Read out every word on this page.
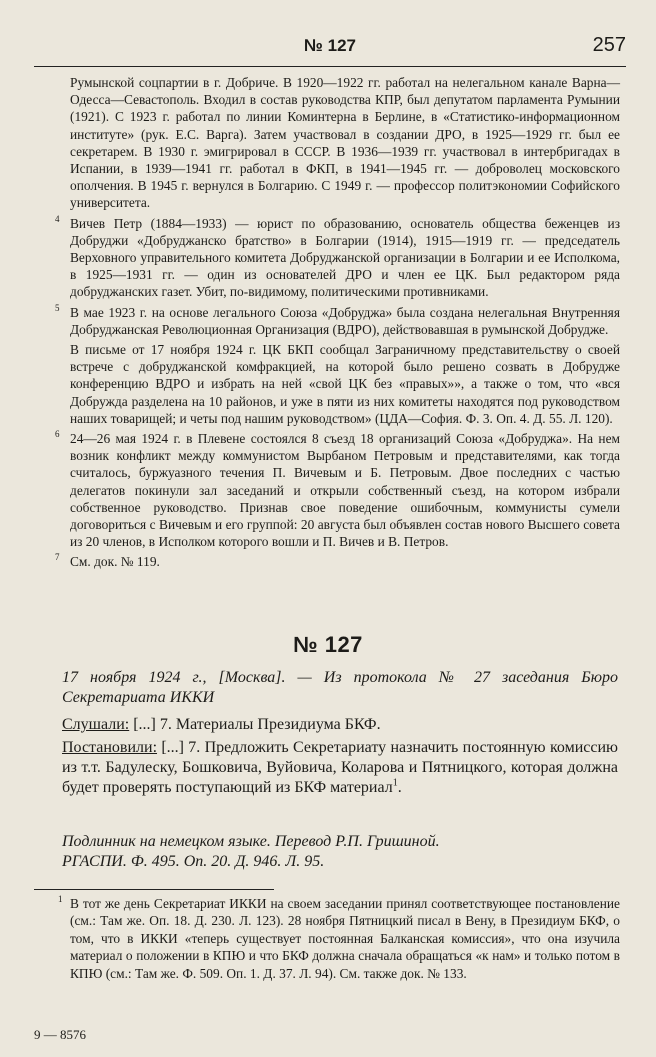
№ 127	257

Румынской соцпартии в г. Добриче. В 1920—1922 гг. работал на нелегальном канале Варна—Одесса—Севастополь. Входил в состав руководства КПР, был депутатом парламента Румынии (1921). С 1923 г. работал по линии Коминтерна в Берлине, в «Статистико-информационном институте» (рук. Е.С. Варга). Затем участвовал в создании ДРО, в 1925—1929 гг. был ее секретарем. В 1930 г. эмигрировал в СССР. В 1936—1939 гг. участвовал в интербригадах в Испании, в 1939—1941 гг. работал в ФКП, в 1941—1945 гг. — доброволец московского ополчения. В 1945 г. вернулся в Болгарию. С 1949 г. — профессор политэкономии Софийского университета.

4 Вичев Петр (1884—1933) — юрист по образованию, основатель общества беженцев из Добруджи «Добруджанско братство» в Болгарии (1914), 1915—1919 гг. — председатель Верховного управительного комитета Добруджанской организации в Болгарии и ее Исполкома, в 1925—1931 гг. — один из основателей ДРО и член ее ЦК. Был редактором ряда добруджанских газет. Убит, по-видимому, политическими противниками.

5 В мае 1923 г. на основе легального Союза «Добруджа» была создана нелегальная Внутренняя Добруджанская Революционная Организация (ВДРО), действовавшая в румынской Добрудже.

В письме от 17 ноября 1924 г. ЦК БКП сообщал Заграничному представительству о своей встрече с добруджанской комфракцией, на которой было решено созвать в Добрудже конференцию ВДРО и избрать на ней «свой ЦК без «правых»», а также о том, что «вся Добружда разделена на 10 районов, и уже в пяти из них комитеты находятся под руководством наших товарищей; и четы под нашим руководством» (ЦДА—София. Ф. 3. Оп. 4. Д. 55. Л. 120).

6 24—26 мая 1924 г. в Плевене состоялся 8 съезд 18 организаций Союза «Добруджа». На нем возник конфликт между коммунистом Вырбаном Петровым и представителями, как тогда считалось, буржуазного течения П. Вичевым и Б. Петровым. Двое последних с частью делегатов покинули зал заседаний и открыли собственный съезд, на котором избрали собственное руководство. Признав свое поведение ошибочным, коммунисты сумели договориться с Вичевым и его группой: 20 августа был объявлен состав нового Высшего совета из 20 членов, в Исполком которого вошли и П. Вичев и В. Петров.

7 См. док. № 119.

№ 127

17 ноября 1924 г., [Москва]. — Из протокола № 27 заседания Бюро Секретариата ИККИ

Слушали: [...] 7. Материалы Президиума БКФ.

Постановили: [...] 7. Предложить Секретариату назначить постоянную комиссию из т.т. Бадулеску, Бошковича, Вуйовича, Коларова и Пятницкого, которая должна будет проверять поступающий из БКФ материал$^1$.

Подлинник на немецком языке. Перевод Р.П. Гришиной.

РГАСПИ. Ф. 495. Оп. 20. Д. 946. Л. 95.

1 В тот же день Секретариат ИККИ на своем заседании принял соответствующее постановление (см.: Там же. Оп. 18. Д. 230. Л. 123). 28 ноября Пятницкий писал в Вену, в Президиум БКФ, о том, что в ИККИ «теперь существует постоянная Балканская комиссия», что она изучила материал о положении в КПЮ и что БКФ должна сначала обращаться «к нам» и только потом в КПЮ (см.: Там же. Ф. 509. Оп. 1. Д. 37. Л. 94). См. также док. № 133.

9 — 8576
